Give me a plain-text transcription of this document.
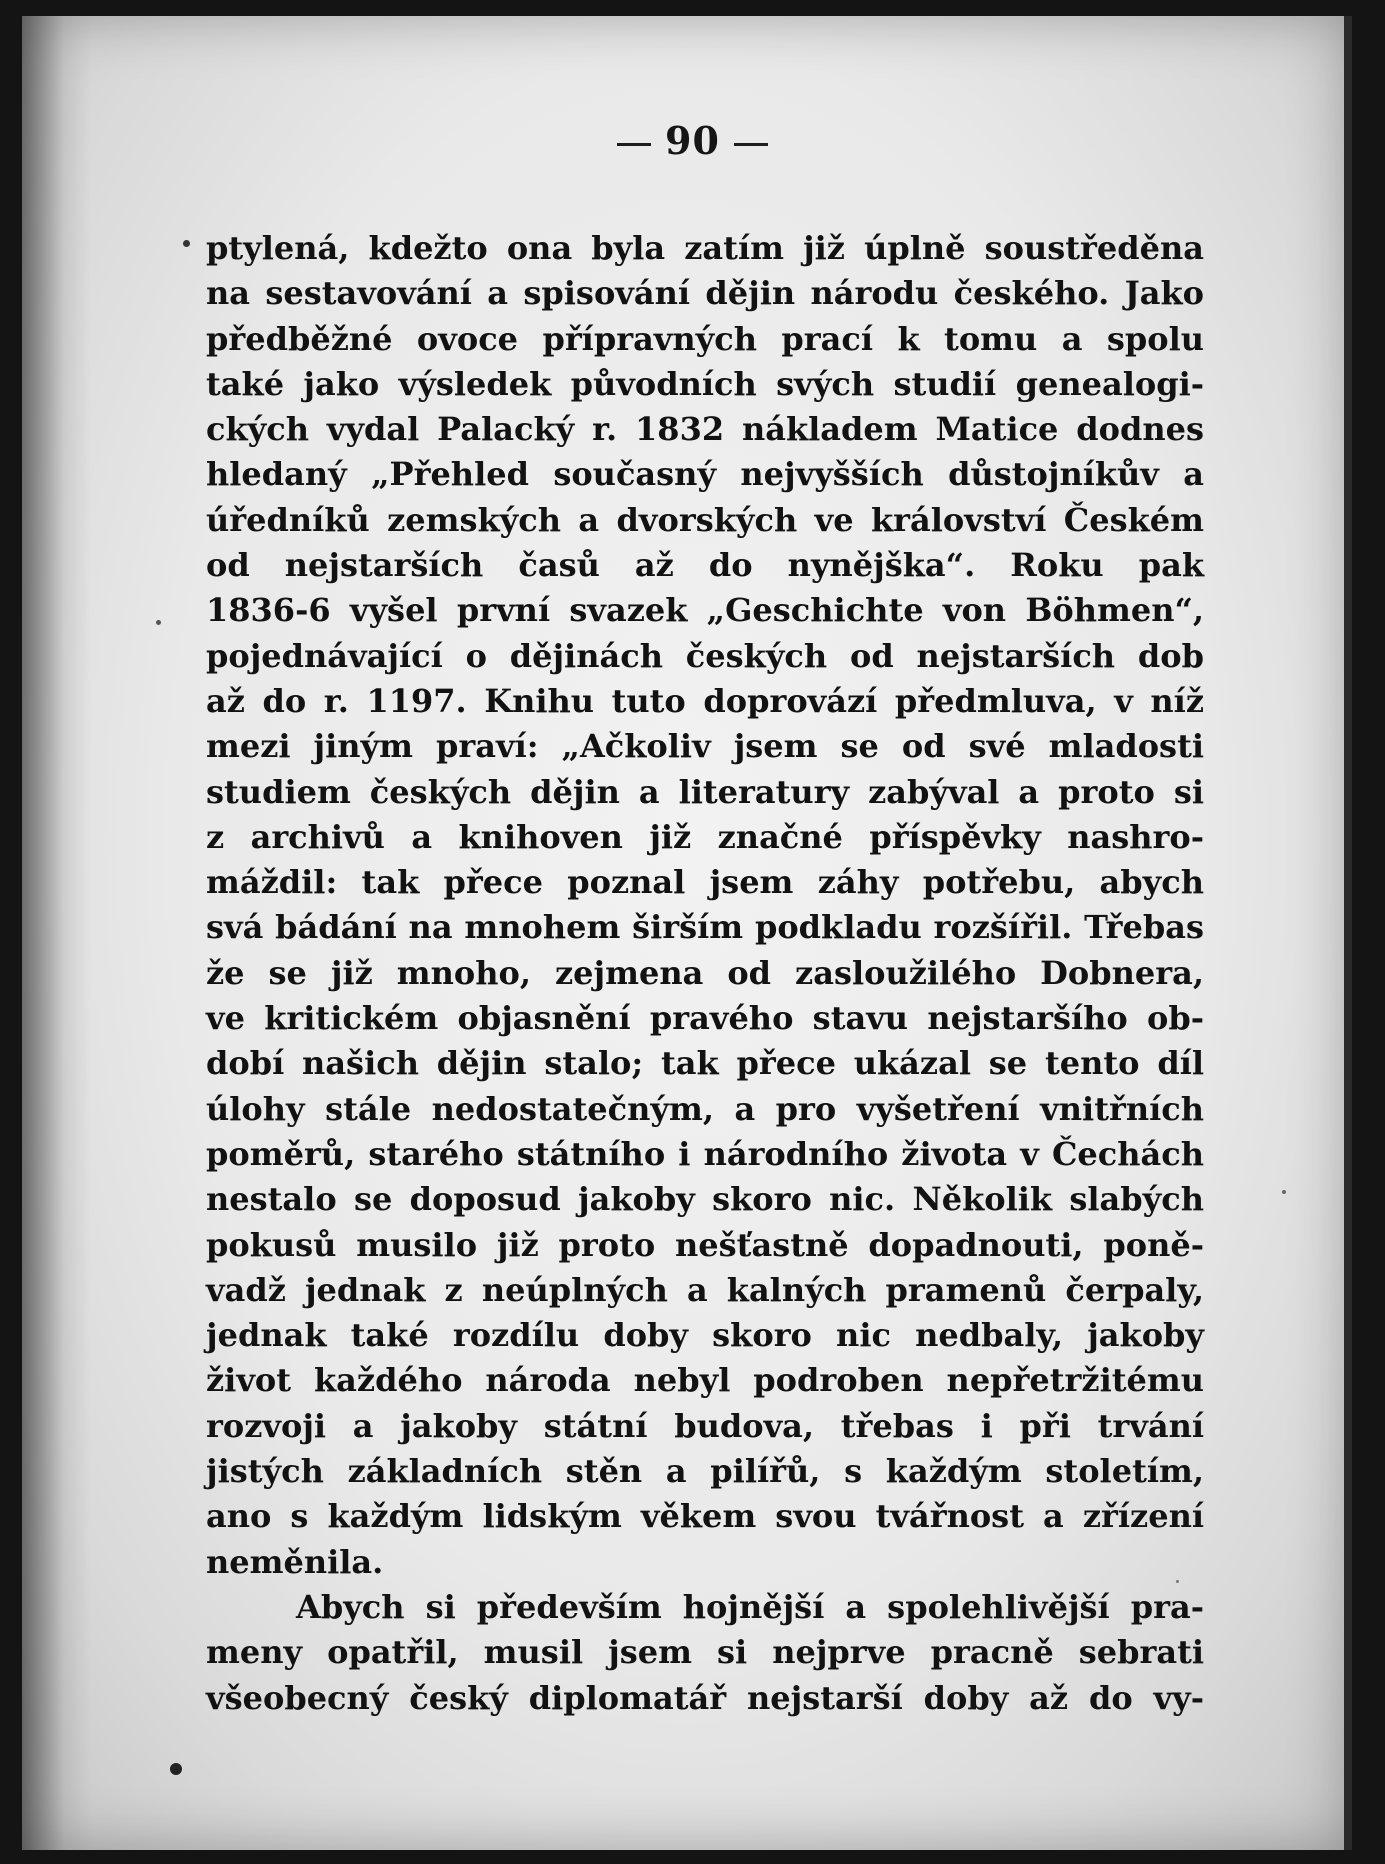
90
ptylená, kdežto ona byla zatím již úplně soustředěna
na sestavování a spisování dějin národu českého. Jako
předběžné ovoce přípravných prací k tomu a spolu
také jako výsledek původních svých studií genealogi-
ckých vydal Palacký r. 1832 nákladem Matice dodnes
hledaný „Přehled současný nejvyšších důstojníkův a
úředníků zemských a dvorských ve království Českém
od nejstarších časů až do nynějška“. Roku pak
1836-6 vyšel první svazek „Geschichte von Böhmen“,
pojednávající o dějinách českých od nejstarších dob
až do r. 1197. Knihu tuto doprovází předmluva, v níž
mezi jiným praví: „Ačkoliv jsem se od své mladosti
studiem českých dějin a literatury zabýval a proto si
z archivů a knihoven již značné příspěvky nashro-
máždil: tak přece poznal jsem záhy potřebu, abych
svá bádání na mnohem širším podkladu rozšířil. Třebas
že se již mnoho, zejmena od zasloužilého Dobnera,
ve kritickém objasnění pravého stavu nejstaršího ob-
dobí našich dějin stalo; tak přece ukázal se tento díl
úlohy stále nedostatečným, a pro vyšetření vnitřních
poměrů, starého státního i národního života v Čechách
nestalo se doposud jakoby skoro nic. Několik slabých
pokusů musilo již proto nešťastně dopadnouti, poně-
vadž jednak z neúplných a kalných pramenů čerpaly,
jednak také rozdílu doby skoro nic nedbaly, jakoby
život každého národa nebyl podroben nepřetržitému
rozvoji a jakoby státní budova, třebas i při trvání
jistých základních stěn a pilířů, s každým stoletím,
ano s každým lidským věkem svou tvářnost a zřízení
neměnila.
Abych si především hojnější a spolehlivější pra-
meny opatřil, musil jsem si nejprve pracně sebrati
všeobecný český diplomatář nejstarší doby až do vy-
